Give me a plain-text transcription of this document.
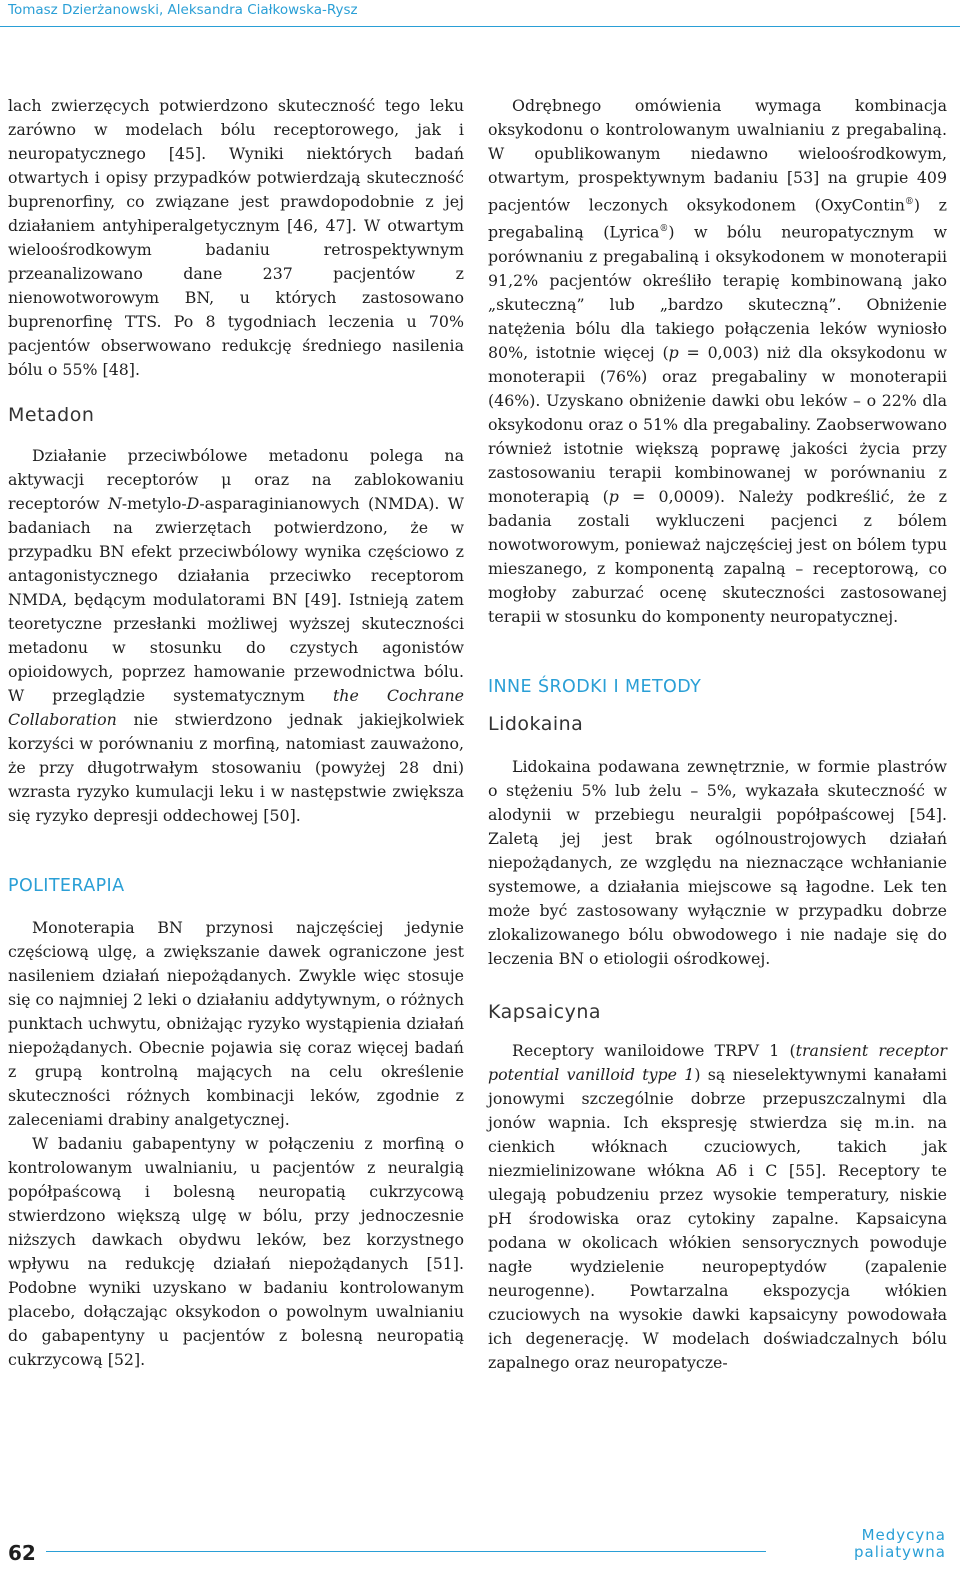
Tomasz Dzierżanowski, Aleksandra Ciałkowska-Rysz

lach zwierzęcych potwierdzono skuteczność tego leku zarówno w modelach bólu receptorowego, jak i neuropatycznego [45]. Wyniki niektórych badań otwartych i opisy przypadków potwierdzają skuteczność buprenorfiny, co związane jest prawdopodobnie z jej działaniem antyhiperalgetycznym [46, 47]. W otwartym wieloośrodkowym badaniu retrospektywnym przeanalizowano dane 237 pacjentów z nienowotworowym BN, u których zastosowano buprenorfinę TTS. Po 8 tygodniach leczenia u 70% pacjentów obserwowano redukcję średniego nasilenia bólu o 55% [48].

Metadon

Działanie przeciwbólowe metadonu polega na aktywacji receptorów μ oraz na zablokowaniu receptorów N-metylo-D-asparaginianowych (NMDA). W badaniach na zwierzętach potwierdzono, że w przypadku BN efekt przeciwbólowy wynika częściowo z antagonistycznego działania przeciwko receptorom NMDA, będącym modulatorami BN [49]. Istnieją zatem teoretyczne przesłanki możliwej wyższej skuteczności metadonu w stosunku do czystych agonistów opioidowych, poprzez hamowanie przewodnictwa bólu. W przeglądzie systematycznym the Cochrane Collaboration nie stwierdzono jednak jakiejkolwiek korzyści w porównaniu z morfiną, natomiast zauważono, że przy długotrwałym stosowaniu (powyżej 28 dni) wzrasta ryzyko kumulacji leku i w następstwie zwiększa się ryzyko depresji oddechowej [50].

POLITERAPIA

Monoterapia BN przynosi najczęściej jedynie częściową ulgę, a zwiększanie dawek ograniczone jest nasileniem działań niepożądanych. Zwykle więc stosuje się co najmniej 2 leki o działaniu addytywnym, o różnych punktach uchwytu, obniżając ryzyko wystąpienia działań niepożądanych. Obecnie pojawia się coraz więcej badań z grupą kontrolną mających na celu określenie skuteczności różnych kombinacji leków, zgodnie z zaleceniami drabiny analgetycznej.

W badaniu gabapentyny w połączeniu z morfiną o kontrolowanym uwalnianiu, u pacjentów z neuralgią popółpaścową i bolesną neuropatią cukrzycową stwierdzono większą ulgę w bólu, przy jednoczesnie niższych dawkach obydwu leków, bez korzystnego wpływu na redukcję działań niepożądanych [51]. Podobne wyniki uzyskano w badaniu kontrolowanym placebo, dołączając oksykodon o powolnym uwalnianiu do gabapentyny u pacjentów z bolesną neuropatią cukrzycową [52].

Odrębnego omówienia wymaga kombinacja oksykodonu o kontrolowanym uwalnianiu z pregabaliną. W opublikowanym niedawno wieloośrodkowym, otwartym, prospektywnym badaniu [53] na grupie 409 pacjentów leczonych oksykodonem (OxyContin®) z pregabaliną (Lyrica®) w bólu neuropatycznym w porównaniu z pregabaliną i oksykodonem w monoterapii 91,2% pacjentów określiło terapię kombinowaną jako „skuteczną” lub „bardzo skuteczną”. Obniżenie natężenia bólu dla takiego połączenia leków wyniosło 80%, istotnie więcej (p = 0,003) niż dla oksykodonu w monoterapii (76%) oraz pregabaliny w monoterapii (46%). Uzyskano obniżenie dawki obu leków – o 22% dla oksykodonu oraz o 51% dla pregabaliny. Zaobserwowano również istotnie większą poprawę jakości życia przy zastosowaniu terapii kombinowanej w porównaniu z monoterapią (p = 0,0009). Należy podkreślić, że z badania zostali wykluczeni pacjenci z bólem nowotworowym, ponieważ najczęściej jest on bólem typu mieszanego, z komponentą zapalną – receptorową, co mogłoby zaburzać ocenę skuteczności zastosowanej terapii w stosunku do komponenty neuropatycznej.

INNE ŚRODKI I METODY
Lidokaina

Lidokaina podawana zewnętrznie, w formie plastrów o stężeniu 5% lub żelu – 5%, wykazała skuteczność w alodynii w przebiegu neuralgii popółpaścowej [54]. Zaletą jej jest brak ogólnoustrojowych działań niepożądanych, ze względu na nieznaczące wchłanianie systemowe, a działania miejscowe są łagodne. Lek ten może być zastosowany wyłącznie w przypadku dobrze zlokalizowanego bólu obwodowego i nie nadaje się do leczenia BN o etiologii ośrodkowej.

Kapsaicyna

Receptory waniloidowe TRPV 1 (transient receptor potential vanilloid type 1) są nieselektywnymi kanałami jonowymi szczególnie dobrze przepuszczalnymi dla jonów wapnia. Ich ekspresję stwierdza się m.in. na cienkich włóknach czuciowych, takich jak niezmielinizowane włókna Aδ i C [55]. Receptory te ulegają pobudzeniu przez wysokie temperatury, niskie pH środowiska oraz cytokiny zapalne. Kapsaicyna podana w okolicach włókien sensorycznych powoduje nagłe wydzielenie neuropeptydów (zapalenie neurogenne). Powtarzalna ekspozycja włókien czuciowych na wysokie dawki kapsaicyny powodowała ich degenerację. W modelach doświadczalnych bólu zapalnego oraz neuropatycze-

62
Medycyna
paliatywna
